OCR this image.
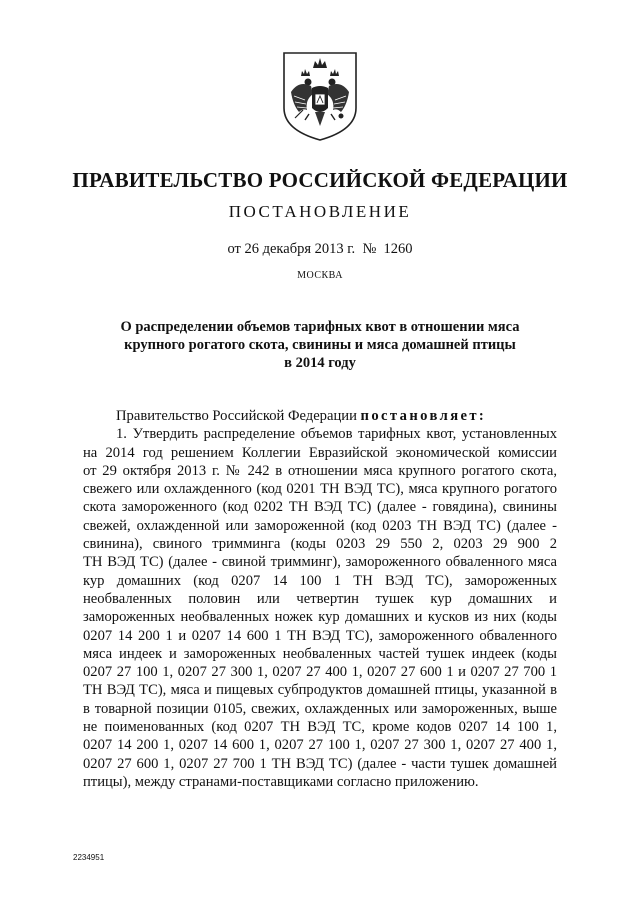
ПРАВИТЕЛЬСТВО РОССИЙСКОЙ ФЕДЕРАЦИИ
ПОСТАНОВЛЕНИЕ
от 26 декабря 2013 г. № 1260
МОСКВА
О распределении объемов тарифных квот в отношении мяса
крупного рогатого скота, свинины и мяса домашней птицы
в 2014 году
Правительство Российской Федерации постановляет:
1. Утвердить распределение объемов тарифных квот, установленных
на 2014 год решением Коллегии Евразийской экономической комиссии
от 29 октября 2013 г. № 242 в отношении мяса крупного рогатого скота,
свежего или охлажденного (код 0201 ТН ВЭД ТС), мяса крупного рогатого
скота замороженного (код 0202 ТН ВЭД ТС) (далее - говядина), свинины
свежей, охлажденной или замороженной (код 0203 ТН ВЭД ТС) (далее -
свинина), свиного тримминга (коды 0203 29 550 2, 0203 29 900 2
ТН ВЭД ТС) (далее - свиной тримминг), замороженного обваленного мяса
кур домашних (код 0207 14 100 1 ТН ВЭД ТС), замороженных
необваленных половин или четвертин тушек кур домашних и
замороженных необваленных ножек кур домашних и кусков из них (коды
0207 14 200 1 и 0207 14 600 1 ТН ВЭД ТС), замороженного обваленного
мяса индеек и замороженных необваленных частей тушек индеек (коды
0207 27 100 1, 0207 27 300 1, 0207 27 400 1, 0207 27 600 1 и 0207 27 700 1
ТН ВЭД ТС), мяса и пищевых субпродуктов домашней птицы, указанной в
в товарной позиции 0105, свежих, охлажденных или замороженных, выше
не поименованных (код 0207 ТН ВЭД ТС, кроме кодов 0207 14 100 1,
0207 14 200 1, 0207 14 600 1, 0207 27 100 1, 0207 27 300 1, 0207 27 400 1,
0207 27 600 1, 0207 27 700 1 ТН ВЭД ТС) (далее - части тушек домашней
птицы), между странами-поставщиками согласно приложению.
2234951
